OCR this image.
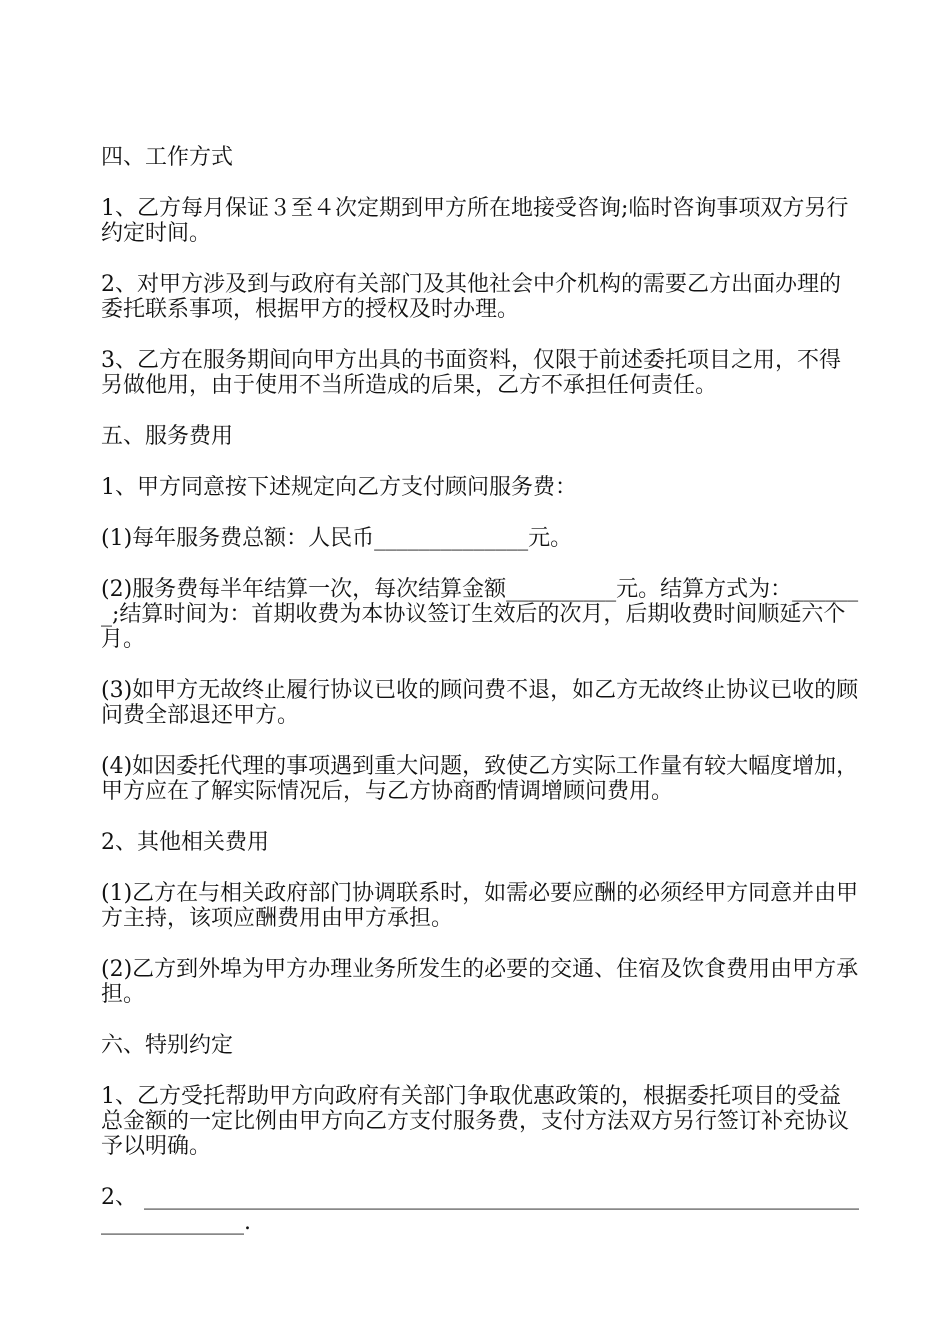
四、工作方式
1、乙方每月保证３至４次定期到甲方所在地接受咨询;临时咨询事项双方另行约定时间。
2、对甲方涉及到与政府有关部门及其他社会中介机构的需要乙方出面办理的委托联系事项，根据甲方的授权及时办理。
3、乙方在服务期间向甲方出具的书面资料，仅限于前述委托项目之用，不得另做他用，由于使用不当所造成的后果，乙方不承担任何责任。
五、服务费用
1、甲方同意按下述规定向乙方支付顾问服务费：
(1)每年服务费总额：人民币______________元。
(2)服务费每半年结算一次，每次结算金额__________元。结算方式为：_______;结算时间为：首期收费为本协议签订生效后的次月，后期收费时间顺延六个月。
(3)如甲方无故终止履行协议已收的顾问费不退，如乙方无故终止协议已收的顾问费全部退还甲方。
(4)如因委托代理的事项遇到重大问题，致使乙方实际工作量有较大幅度增加，甲方应在了解实际情况后，与乙方协商酌情调增顾问费用。
2、其他相关费用
(1)乙方在与相关政府部门协调联系时，如需必要应酬的必须经甲方同意并由甲方主持，该项应酬费用由甲方承担。
(2)乙方到外埠为甲方办理业务所发生的必要的交通、住宿及饮食费用由甲方承担。
六、特别约定
1、乙方受托帮助甲方向政府有关部门争取优惠政策的，根据委托项目的受益总金额的一定比例由甲方向乙方支付服务费，支付方法双方另行签订补充协议予以明确。
2、 ______________________________________________________________________________.
